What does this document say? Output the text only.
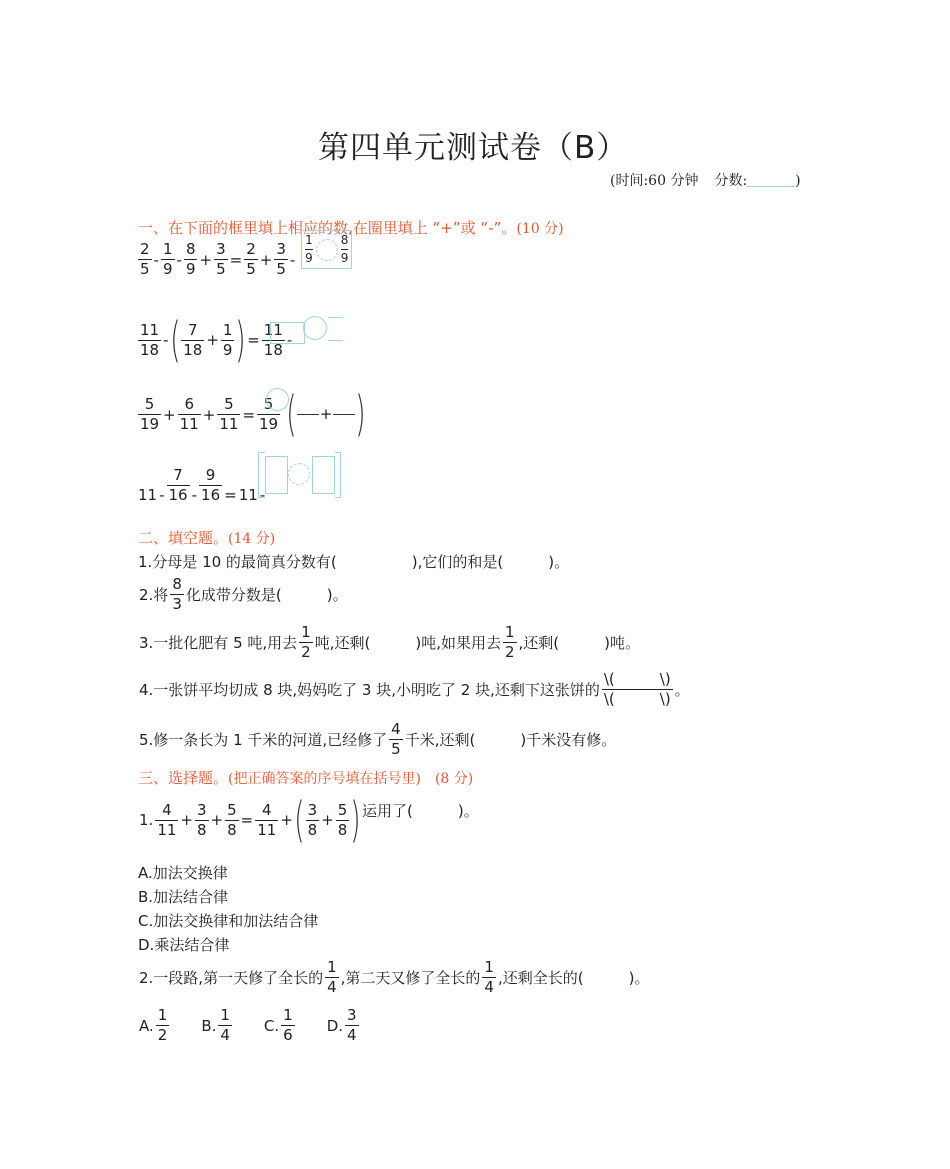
第四单元测试卷（B）
(时间:60 分钟 分数:	)
一、在下面的框里填上相应的数,在圈里填上 “+”或 “-”。(10 分)
$\frac{2}{5} - \frac{1}{9} - \frac{8}{9} + \frac{3}{5} = \frac{2}{5} + \frac{3}{5} - \frac{1}{9} \frac{8}{9}$
$\frac{11}{18}$ -( $\frac{7}{18} + \frac{1}{9}$ )= $\frac{11}{18}$ -
$\frac{5}{19} + \frac{6}{11} + \frac{5}{11} = \frac{5}{19}$ ( + )
$11 - \frac{7}{16} - \frac{9}{16} = 11$ -
二、填空题。(14 分)
1.分母是 10 的最简真分数有(　　　　　),它们的和是(　　　)。
2.将 $\frac{8}{3}$ 化成带分数是(　　　)。
3.一批化肥有 5 吨,用去 $\frac{1}{2}$ 吨,还剩(　　　)吨,如果用去 $\frac{1}{2}$ ,还剩(　　　)吨。
4.一张饼平均切成 8 块,妈妈吃了 3 块,小明吃了 2 块,还剩下这张饼的 $\frac{\backslash( \backslash)}{\backslash( \backslash)}$ 。
5.修一条长为 1 千米的河道,已经修了 $\frac{4}{5}$ 千米,还剩(　　　)千米没有修。
三、选择题。(把正确答案的序号填在括号里)　(8 分)
1. $\frac{4}{11} + \frac{3}{8} + \frac{5}{8} = \frac{4}{11}$ +( $\frac{3}{8} + \frac{5}{8}$ )运用了(　　　)。
A.加法交换律
B.加法结合律
C.加法交换律和加法结合律
D.乘法结合律
2.一段路,第一天修了全长的 $\frac{1}{4}$ ,第二天又修了全长的 $\frac{1}{4}$ ,还剩全长的(　　　)。
A. $\frac{1}{2} B$. $\frac{1}{4} C$. $\frac{1}{6} D$. $\frac{3}{4}$
